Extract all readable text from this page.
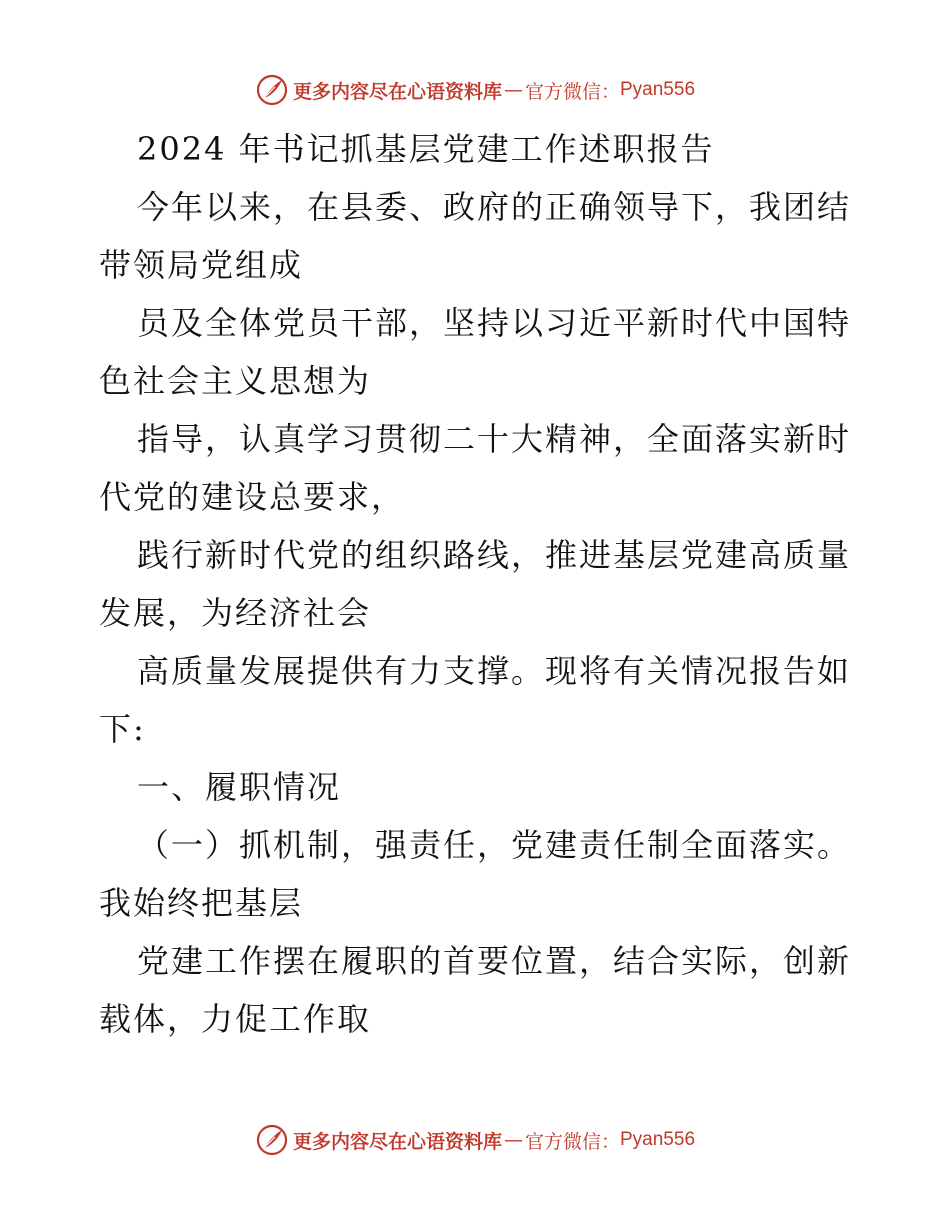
更多内容尽在心语资料库 — 官方微信： Pyan556

2024 年书记抓基层党建工作述职报告

今年以来，在县委、政府的正确领导下，我团结

带领局党组成

员及全体党员干部，坚持以习近平新时代中国特

色社会主义思想为

指导，认真学习贯彻二十大精神，全面落实新时

代党的建设总要求，

践行新时代党的组织路线，推进基层党建高质量

发展，为经济社会

高质量发展提供有力支撑。现将有关情况报告如

下:

一、履职情况

（一）抓机制，强责任，党建责任制全面落实。

我始终把基层

党建工作摆在履职的首要位置，结合实际，创新

载体，力促工作取

更多内容尽在心语资料库 — 官方微信： Pyan556
